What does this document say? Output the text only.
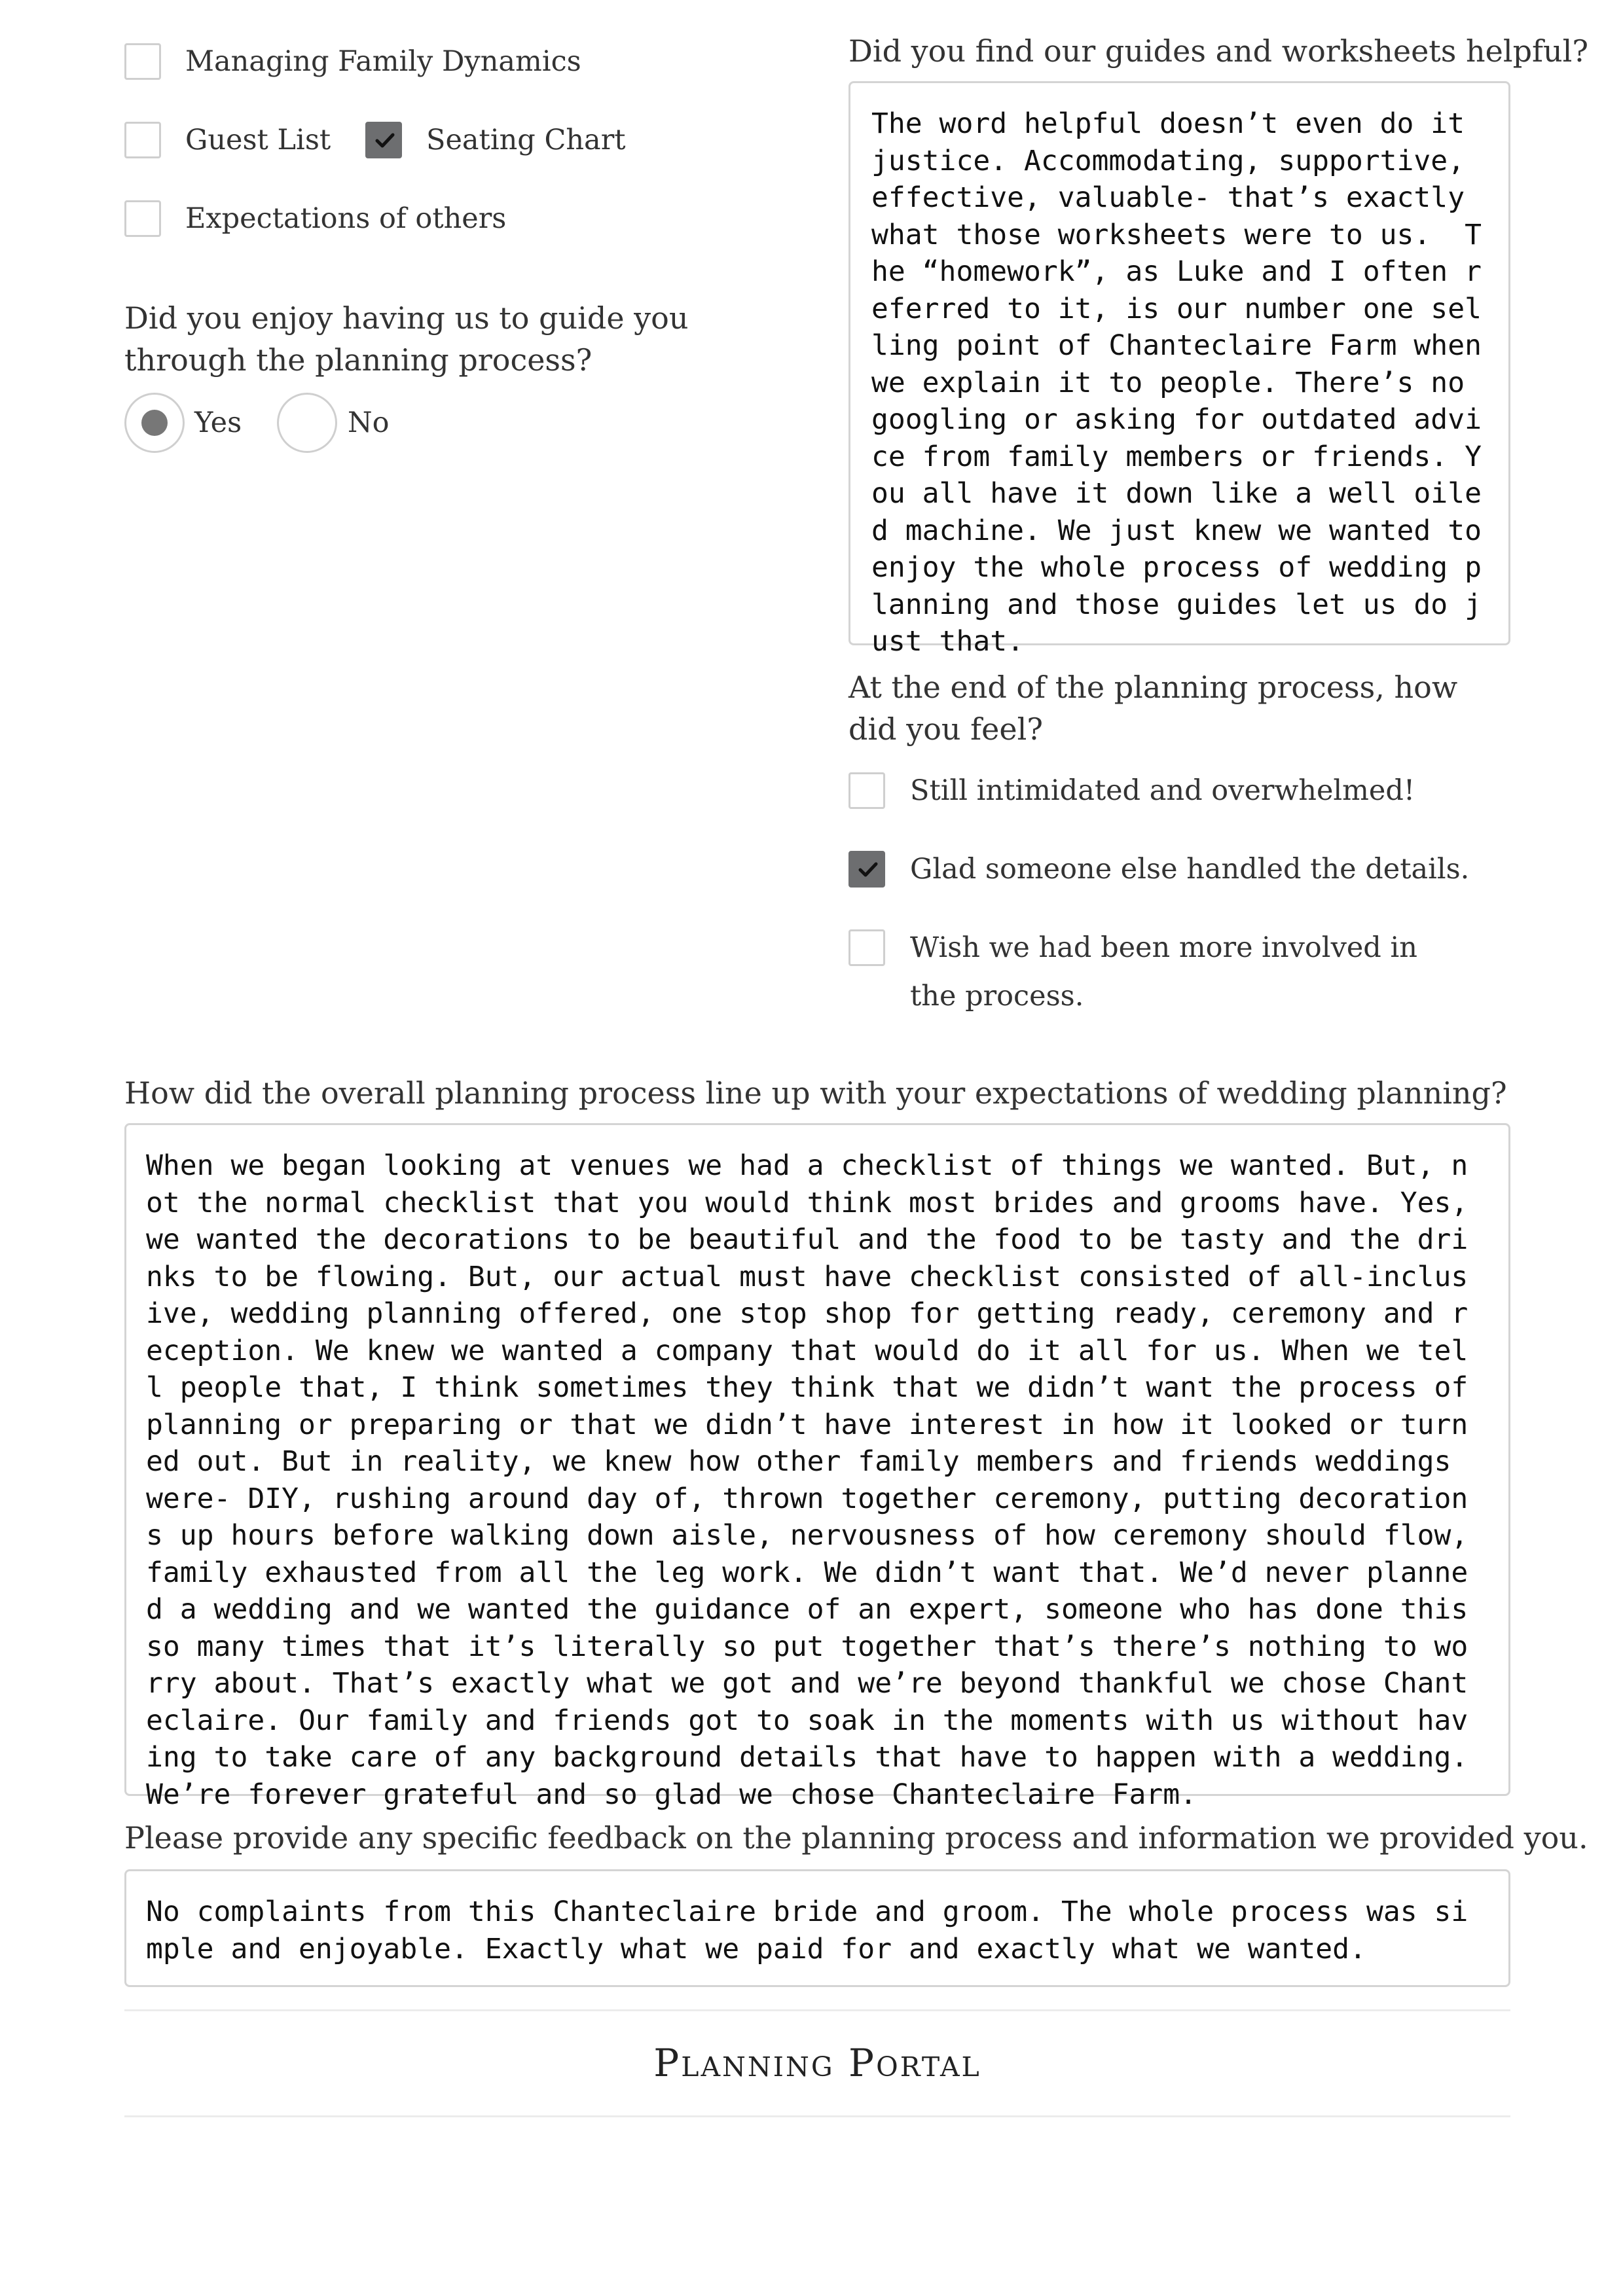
Managing Family Dynamics
Guest List	Seating Chart
Expectations of others
Did you enjoy having us to guide you through the planning process?
Yes	No
Did you find our guides and worksheets helpful?
The word helpful doesn’t even do it justice. Accommodating, supportive, effective, valuable- that’s exactly what those worksheets were to us.  The “homework”, as Luke and I often referred to it, is our number one selling point of Chanteclaire Farm when we explain it to people. There’s no googling or asking for outdated advice from family members or friends. You all have it down like a well oiled machine. We just knew we wanted to enjoy the whole process of wedding planning and those guides let us do just that.
At the end of the planning process, how did you feel?
Still intimidated and overwhelmed!
Glad someone else handled the details.
Wish we had been more involved in the process.
How did the overall planning process line up with your expectations of wedding planning?
When we began looking at venues we had a checklist of things we wanted. But, not the normal checklist that you would think most brides and grooms have. Yes, we wanted the decorations to be beautiful and the food to be tasty and the drinks to be flowing. But, our actual must have checklist consisted of all-inclusive, wedding planning offered, one stop shop for getting ready, ceremony and reception. We knew we wanted a company that would do it all for us. When we tell people that, I think sometimes they think that we didn’t want the process of planning or preparing or that we didn’t have interest in how it looked or turned out. But in reality, we knew how other family members and friends weddings were- DIY, rushing around day of, thrown together ceremony, putting decorations up hours before walking down aisle, nervousness of how ceremony should flow, family exhausted from all the leg work. We didn’t want that. We’d never planned a wedding and we wanted the guidance of an expert, someone who has done this so many times that it’s literally so put together that’s there’s nothing to worry about. That’s exactly what we got and we’re beyond thankful we chose Chanteclaire. Our family and friends got to soak in the moments with us without having to take care of any background details that have to happen with a wedding. We’re forever grateful and so glad we chose Chanteclaire Farm.
Please provide any specific feedback on the planning process and information we provided you.
No complaints from this Chanteclaire bride and groom. The whole process was simple and enjoyable. Exactly what we paid for and exactly what we wanted.
Planning Portal
